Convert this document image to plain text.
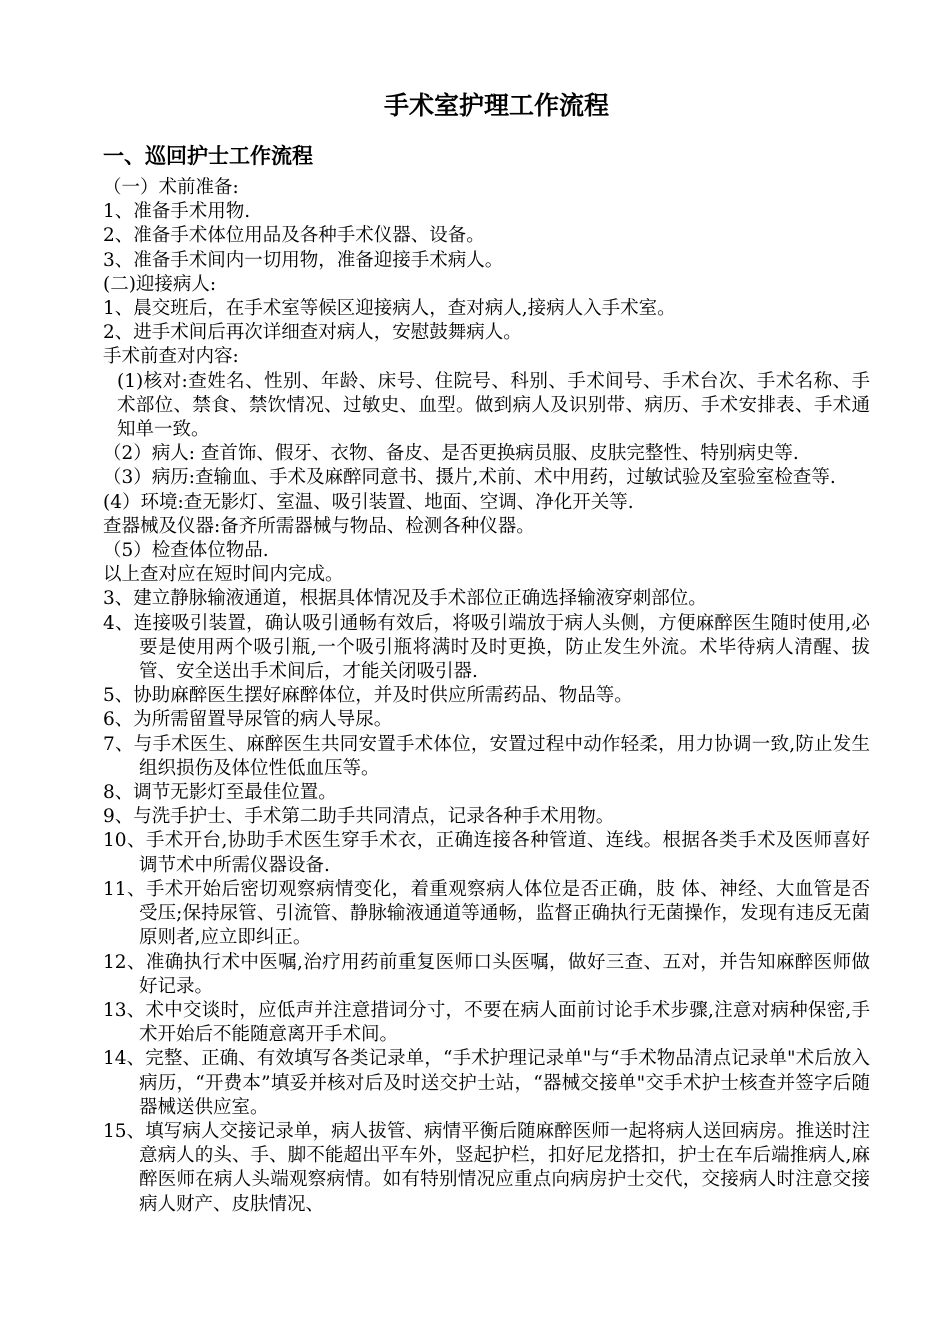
手术室护理工作流程
一、巡回护士工作流程
（一）术前准备:
1、准备手术用物.
2、准备手术体位用品及各种手术仪器、设备。
3、准备手术间内一切用物，准备迎接手术病人。
(二)迎接病人:
1、晨交班后，在手术室等候区迎接病人，查对病人,接病人入手术室。
2、进手术间后再次详细查对病人，安慰鼓舞病人。
手术前查对内容:
(1)核对:查姓名、性别、年龄、床号、住院号、科别、手术间号、手术台次、手术名称、手术部位、禁食、禁饮情况、过敏史、血型。做到病人及识别带、病历、手术安排表、手术通知单一致。
（2）病人: 查首饰、假牙、衣物、备皮、是否更换病员服、皮肤完整性、特别病史等.
（3）病历:查输血、手术及麻醉同意书、摄片,术前、术中用药，过敏试验及室验室检查等.
(4）环境:查无影灯、室温、吸引装置、地面、空调、净化开关等.
查器械及仪器:备齐所需器械与物品、检测各种仪器。
（5）检查体位物品.
以上查对应在短时间内完成。
3、建立静脉输液通道，根据具体情况及手术部位正确选择输液穿刺部位。
4、连接吸引装置，确认吸引通畅有效后，将吸引端放于病人头侧，方便麻醉医生随时使用,必要是使用两个吸引瓶,一个吸引瓶将满时及时更换，防止发生外流。术毕待病人清醒、拔管、安全送出手术间后，才能关闭吸引器.
5、协助麻醉医生摆好麻醉体位，并及时供应所需药品、物品等。
6、为所需留置导尿管的病人导尿。
7、与手术医生、麻醉医生共同安置手术体位，安置过程中动作轻柔，用力协调一致,防止发生组织损伤及体位性低血压等。
8、调节无影灯至最佳位置。
9、与洗手护士、手术第二助手共同清点，记录各种手术用物。
10、手术开台,协助手术医生穿手术衣，正确连接各种管道、连线。根据各类手术及医师喜好调节术中所需仪器设备.
11、手术开始后密切观察病情变化，着重观察病人体位是否正确，肢 体、神经、大血管是否受压;保持尿管、引流管、静脉输液通道等通畅，监督正确执行无菌操作，发现有违反无菌原则者,应立即纠正。
12、准确执行术中医嘱,治疗用药前重复医师口头医嘱，做好三查、五对，并告知麻醉医师做好记录。
13、术中交谈时，应低声并注意措词分寸，不要在病人面前讨论手术步骤,注意对病种保密,手术开始后不能随意离开手术间。
14、完整、正确、有效填写各类记录单，“手术护理记录单"与“手术物品清点记录单"术后放入病历，“开费本”填妥并核对后及时送交护士站，“器械交接单"交手术护士核查并签字后随器械送供应室。
15、填写病人交接记录单，病人拔管、病情平衡后随麻醉医师一起将病人送回病房。推送时注意病人的头、手、脚不能超出平车外，竖起护栏，扣好尼龙搭扣，护士在车后端推病人,麻醉医师在病人头端观察病情。如有特别情况应重点向病房护士交代，交接病人时注意交接病人财产、皮肤情况、
